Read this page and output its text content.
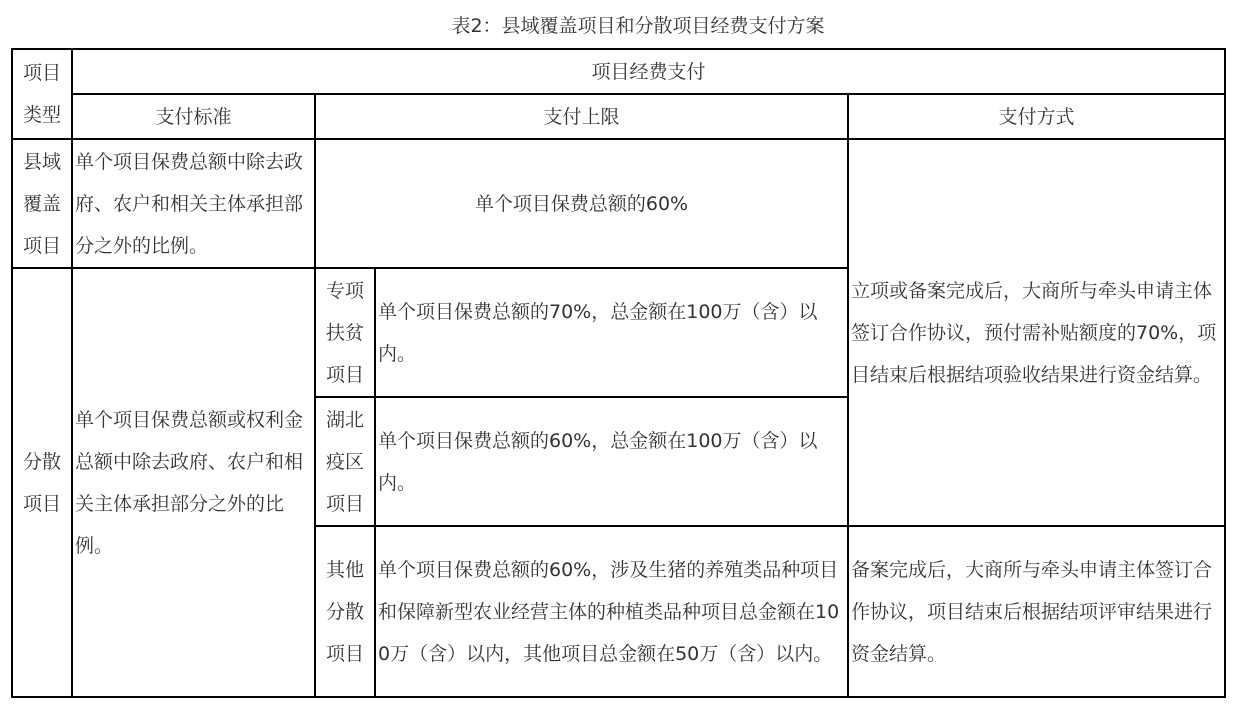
表2：县域覆盖项目和分散项目经费支付方案
项目类型	项目经费支付			
	支付标准	支付上限		支付方式
县域覆盖项目	单个项目保费总额中除去政府、农户和相关主体承担部分之外的比例。	单个项目保费总额的60%		立项或备案完成后，大商所与牵头申请主体签订合作协议，预付需补贴额度的70%，项目结束后根据结项验收结果进行资金结算。
分散项目	单个项目保费总额或权利金总额中除去政府、农户和相关主体承担部分之外的比例。	专项扶贫项目	单个项目保费总额的70%，总金额在100万（含）以内。	
		湖北疫区项目	单个项目保费总额的60%，总金额在100万（含）以内。	
		其他分散项目	单个项目保费总额的60%，涉及生猪的养殖类品种项目和保障新型农业经营主体的种植类品种项目总金额在100万（含）以内，其他项目总金额在50万（含）以内。	备案完成后，大商所与牵头申请主体签订合作协议，项目结束后根据结项评审结果进行资金结算。
